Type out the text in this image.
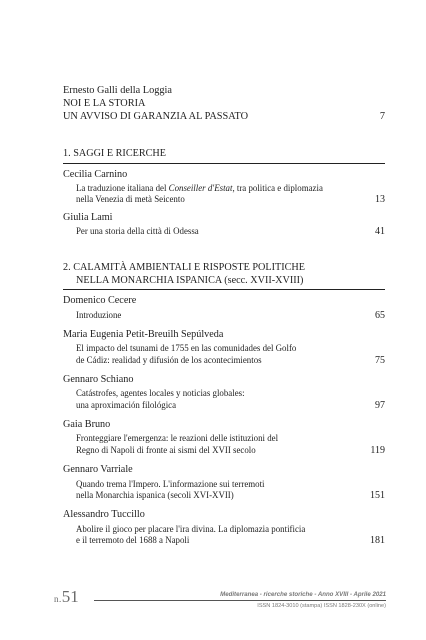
Ernesto Galli della Loggia
NOI E LA STORIA
UN AVVISO DI GARANZIA AL PASSATO	7
1. SAGGI E RICERCHE
Cecilia Carnino
La traduzione italiana del Conseiller d'Estat, tra politica e diplomazia
nella Venezia di metà Seicento	13
Giulia Lami
Per una storia della città di Odessa	41
2. CALAMITÀ AMBIENTALI E RISPOSTE POLITICHE
NELLA MONARCHIA ISPANICA (secc. XVII-XVIII)
Domenico Cecere
Introduzione	65
Maria Eugenia Petit-Breuilh Sepúlveda
El impacto del tsunami de 1755 en las comunidades del Golfo
de Cádiz: realidad y difusión de los acontecimientos	75
Gennaro Schiano
Catástrofes, agentes locales y noticias globales:
una aproximación filológica	97
Gaia Bruno
Fronteggiare l'emergenza: le reazioni delle istituzioni del
Regno di Napoli di fronte ai sismi del XVII secolo	119
Gennaro Varriale
Quando trema l'Impero. L'informazione sui terremoti
nella Monarchia ispanica (secoli XVI-XVII)	151
Alessandro Tuccillo
Abolire il gioco per placare l'ira divina. La diplomazia pontificia
e il terremoto del 1688 a Napoli	181
n.51	Mediterranea - ricerche storiche - Anno XVIII - Aprile 2021
ISSN 1824-3010 (stampa) ISSN 1828-230X (online)
